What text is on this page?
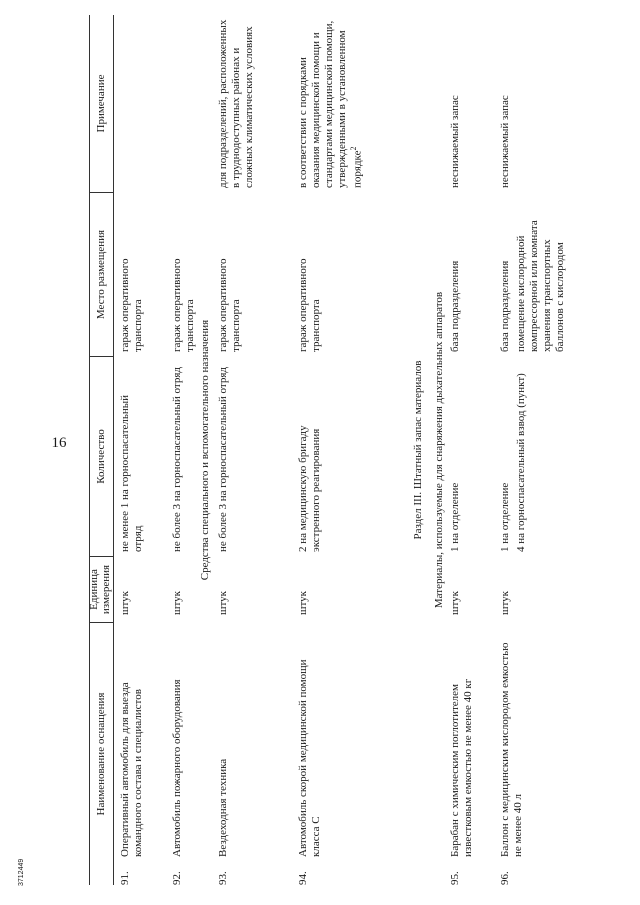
16
3712449
Наименование оснащения
Единица измерения
Количество
Место размещения
Примечание
91.
Оперативный автомобиль для выезда командного состава и специалистов
штук
не менее 1 на горноспасательный отряд
гараж оперативного транспорта
92.
Автомобиль пожарного оборудования
штук
не более 3 на горноспасательный отряд
гараж оперативного транспорта Средства специального и вспомогательного назначения
93.
Вездеходная техника
штук
не более 3 на горноспасательный отряд
гараж оперативного транспорта
для подразделений, расположенных в труднодоступных районах и сложных климатических условиях
94.
Автомобиль скорой медицинской помощи класса С
штук
2 на медицинскую бригаду экстренного реагирования
гараж оперативного транспорта
в соответствии с порядками оказания медицинской помощи и стандартами медицинской помощи, утвержденными в установленном порядке$^2$
Раздел III. Штатный запас материалов Материалы, используемые для снаряжения дыхательных аппаратов
95.
Барабан с химическим поглотителем известковым емкостью не менее 40 кг
штук
1 на отделение
база подразделения
неснижаемый запас
96.
Баллон с медицинским кислородом емкостью не менее 40 л
штук
1 на отделение 4 на горноспасательный взвод (пункт)
база подразделения помещение кислородной компрессорной или комната хранения транспортных баллонов с кислородом
неснижаемый запас
